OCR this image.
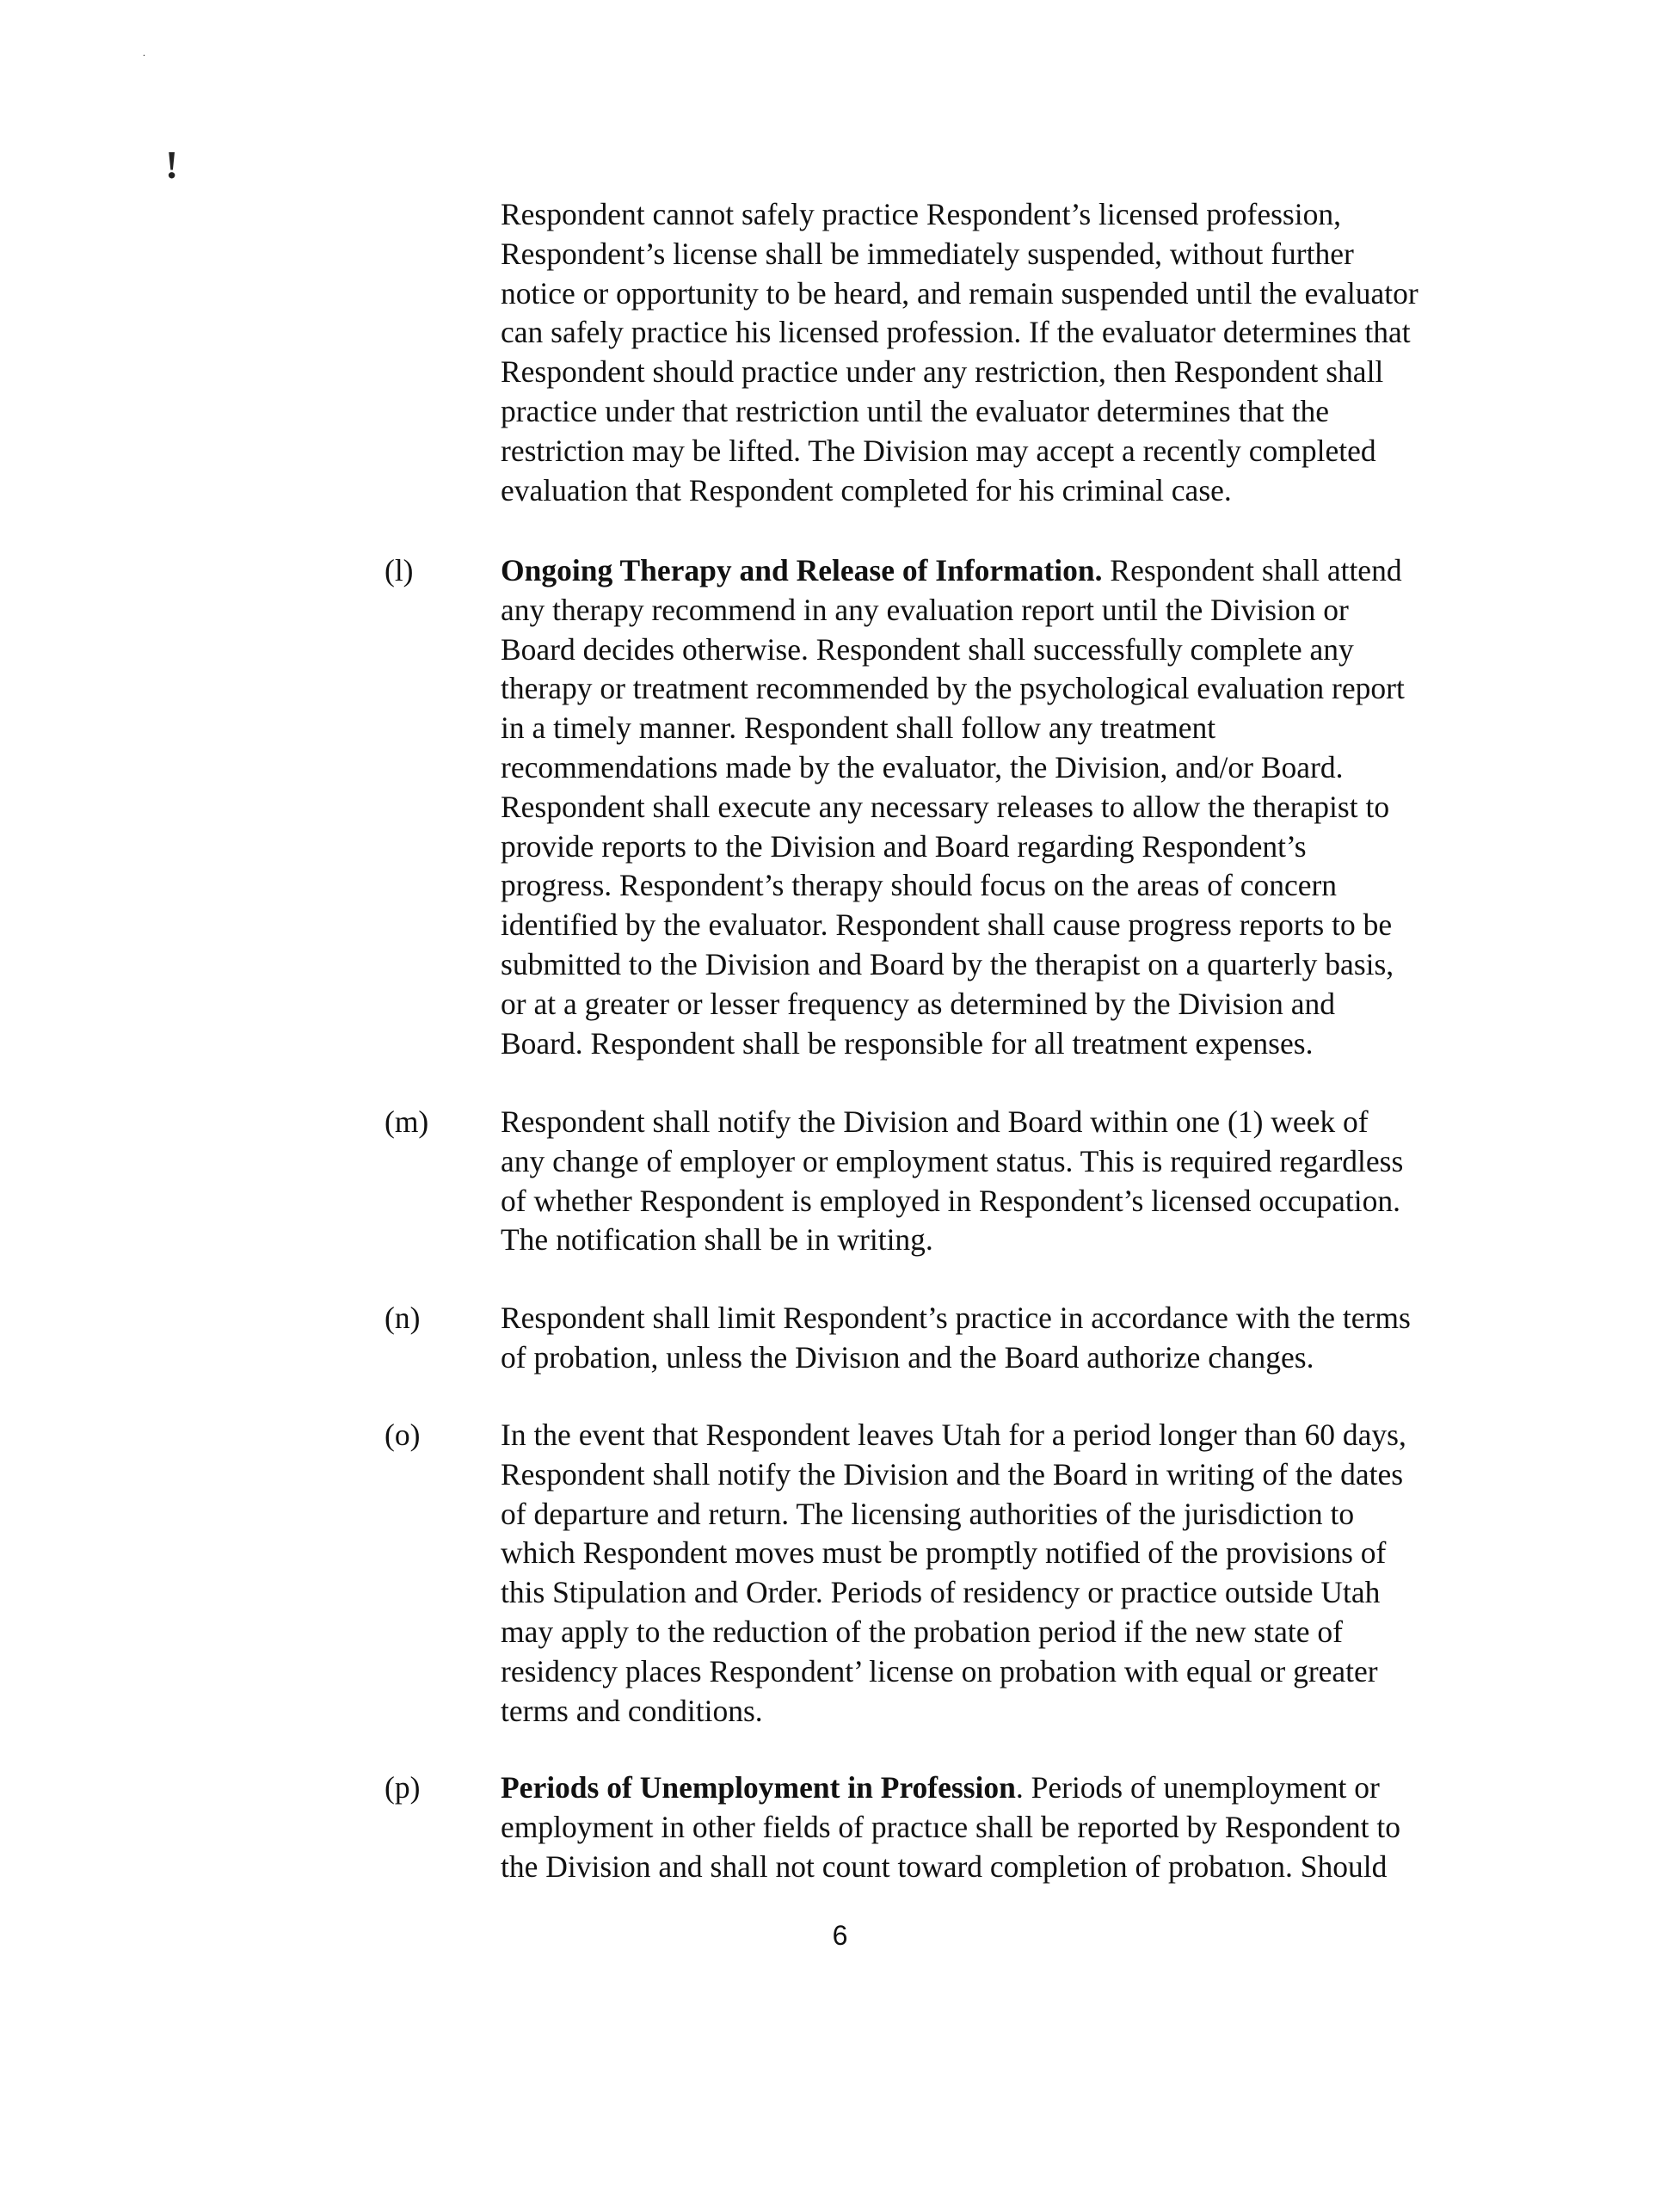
.
!
Respondent cannot safely practice Respondent’s licensed profession,
Respondent’s license shall be immediately suspended, without further
notice or opportunity to be heard, and remain suspended until the evaluator
can safely practice his licensed profession. If the evaluator determines that
Respondent should practice under any restriction, then Respondent shall
practice under that restriction until the evaluator determines that the
restriction may be lifted. The Division may accept a recently completed
evaluation that Respondent completed for his criminal case.
(l)	Ongoing Therapy and Release of Information. Respondent shall attend
any therapy recommend in any evaluation report until the Division or
Board decides otherwise. Respondent shall successfully complete any
therapy or treatment recommended by the psychological evaluation report
in a timely manner. Respondent shall follow any treatment
recommendations made by the evaluator, the Division, and/or Board.
Respondent shall execute any necessary releases to allow the therapist to
provide reports to the Division and Board regarding Respondent’s
progress. Respondent’s therapy should focus on the areas of concern
identified by the evaluator. Respondent shall cause progress reports to be
submitted to the Division and Board by the therapist on a quarterly basis,
or at a greater or lesser frequency as determined by the Division and
Board. Respondent shall be responsible for all treatment expenses.
(m) Respondent shall notify the Division and Board within one (1) week of
any change of employer or employment status. This is required regardless
of whether Respondent is employed in Respondent’s licensed occupation.
The notification shall be in writing.
(n)	Respondent shall limit Respondent’s practice in accordance with the terms
of probation, unless the Divisıon and the Board authorize changes.
(o)	In the event that Respondent leaves Utah for a period longer than 60 days,
Respondent shall notify the Division and the Board in writing of the dates
of departure and return. The licensing authorities of the jurisdiction to
which Respondent moves must be promptly notified of the provisions of
this Stipulation and Order. Periods of residency or practice outside Utah
may apply to the reduction of the probation period if the new state of
residency places Respondent’ license on probation with equal or greater
terms and conditions.
(p)	Periods of Unemployment in Profession. Periods of unemployment or
employment in other fields of practıce shall be reported by Respondent to
the Division and shall not count toward completion of probatıon. Should
6
